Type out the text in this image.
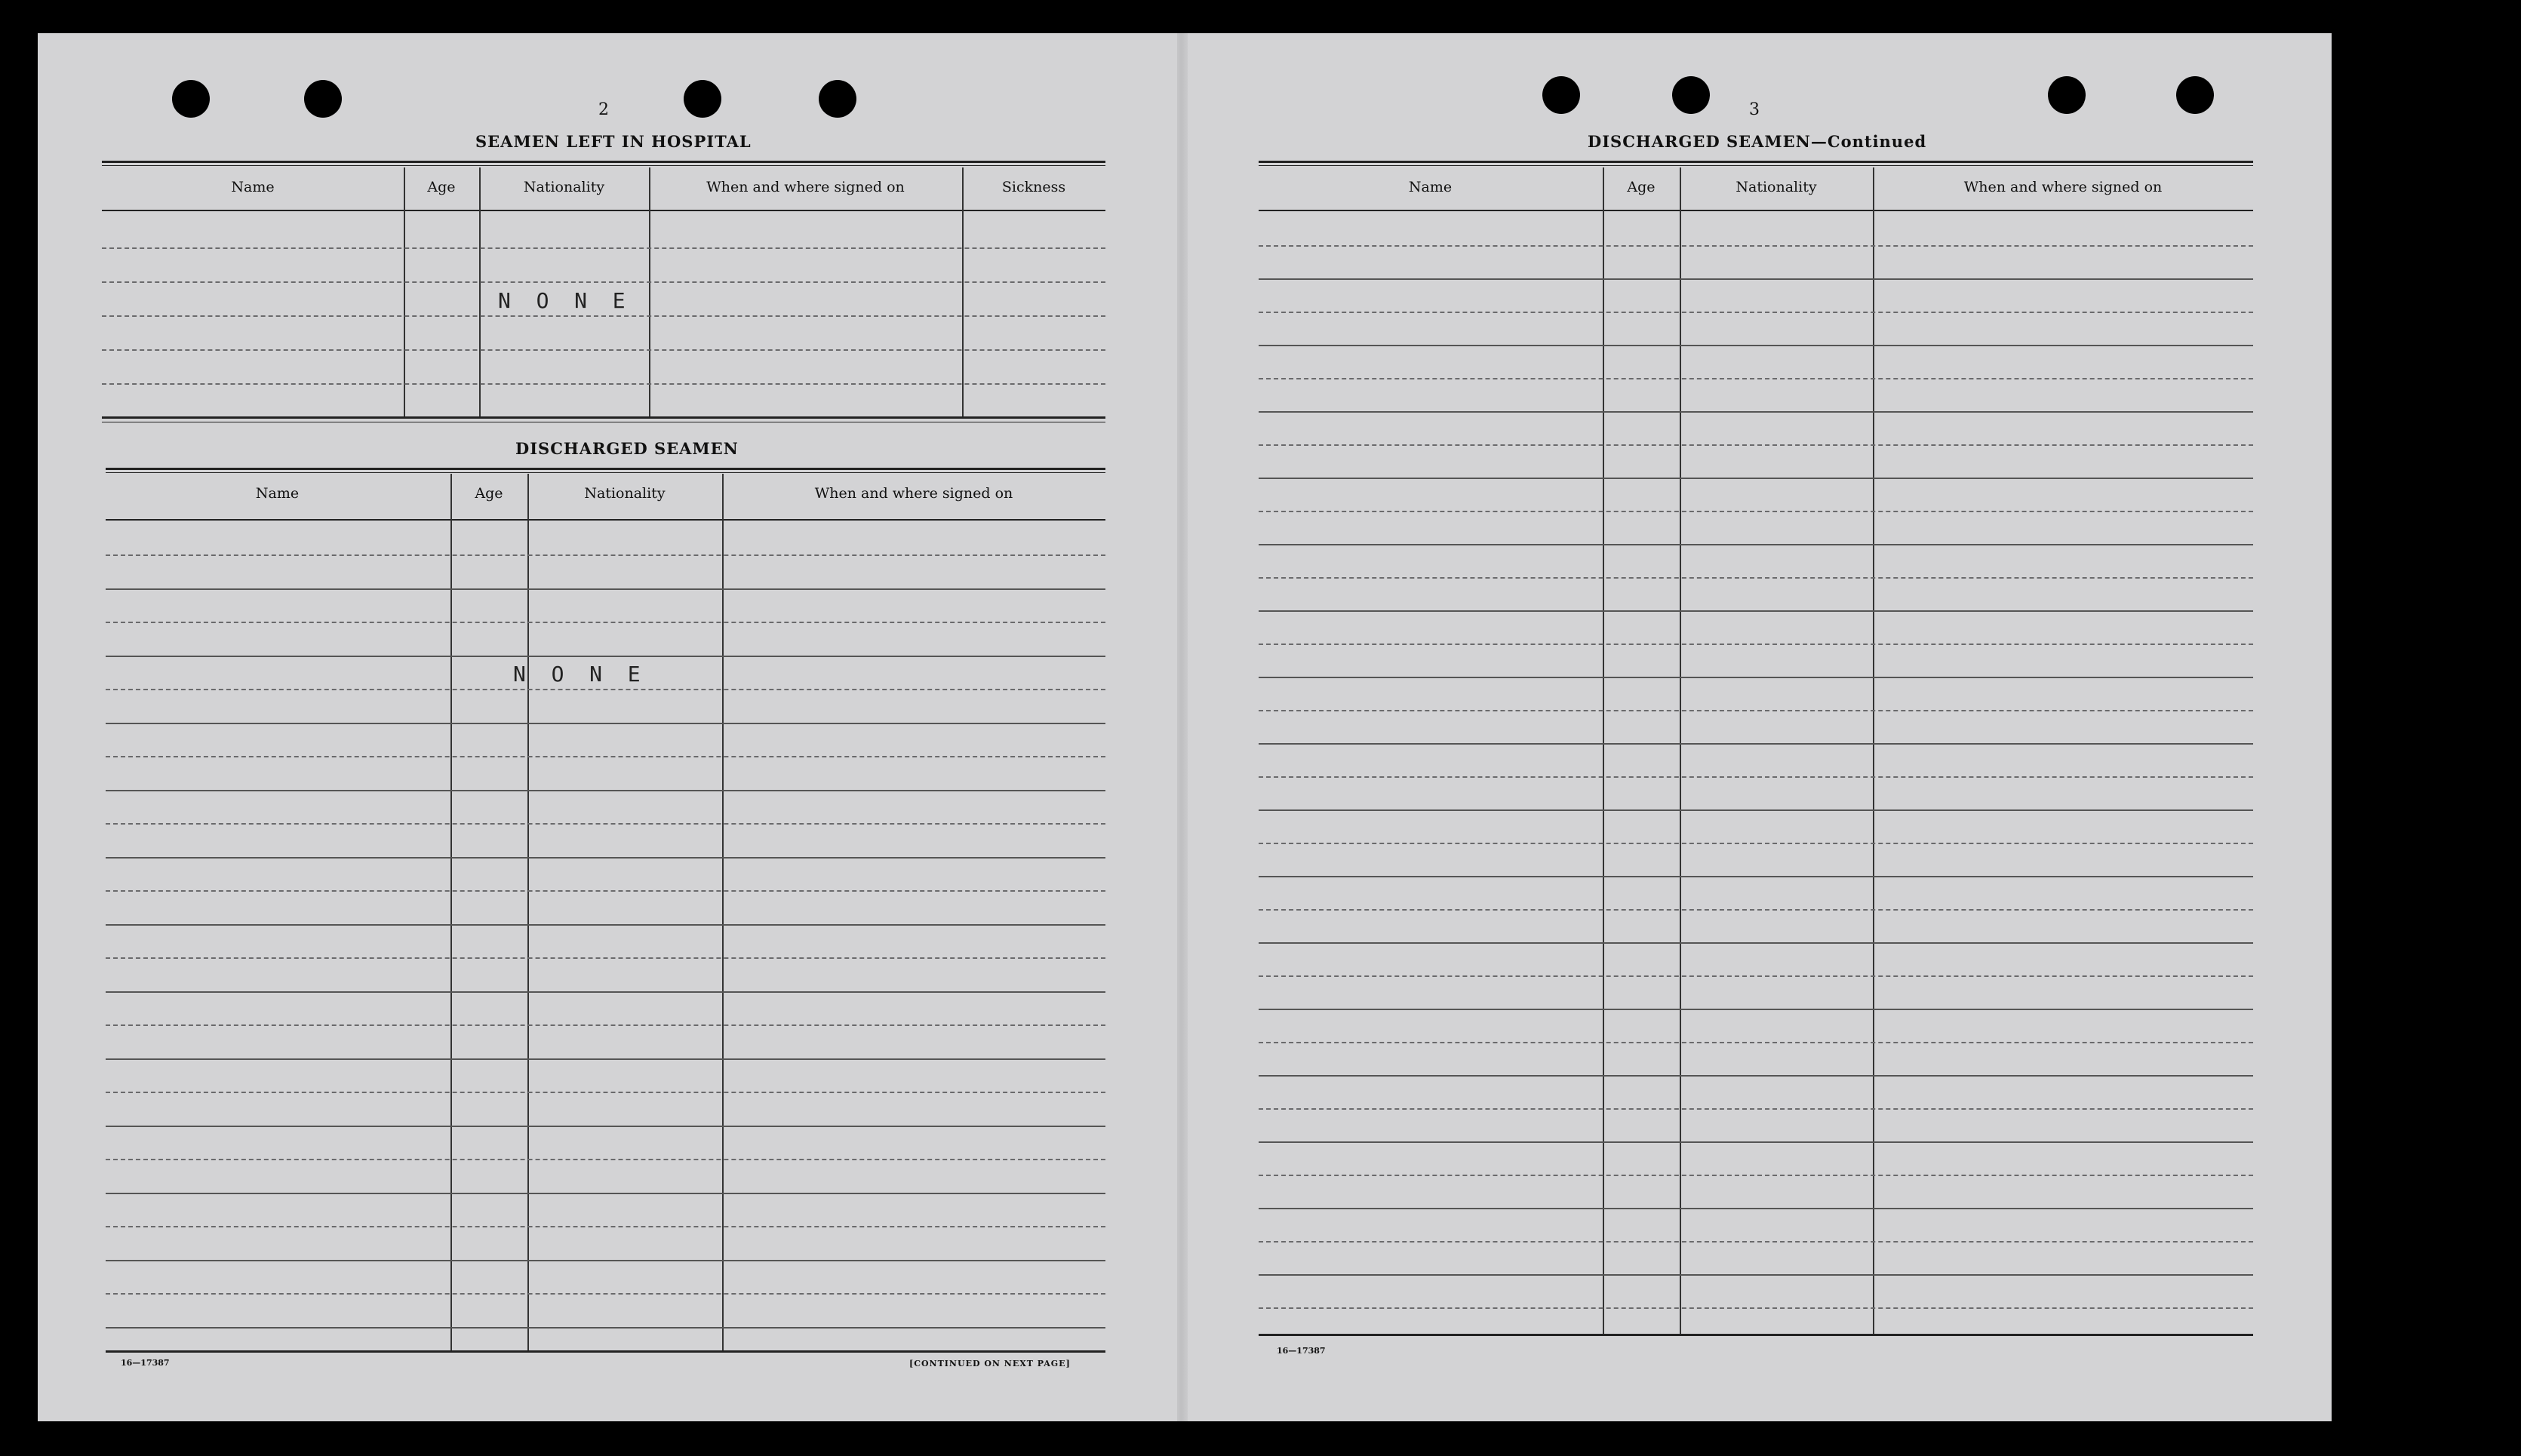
2
SEAMEN LEFT IN HOSPITAL
Name	Age	Nationality	When and where signed on	Sickness
N  O  N  E
DISCHARGED SEAMEN
Name	Age	Nationality	When and where signed on
N  O  N  E
16—17387	[CONTINUED ON NEXT PAGE]
3
DISCHARGED SEAMEN—Continued
Name	Age	Nationality	When and where signed on
16—17387
